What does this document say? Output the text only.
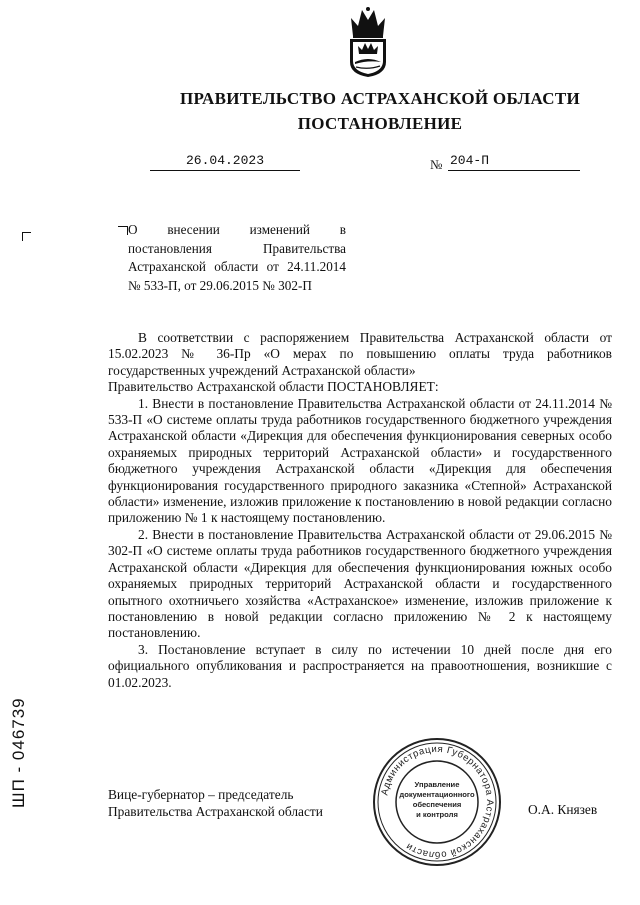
ПРАВИТЕЛЬСТВО АСТРАХАНСКОЙ ОБЛАСТИ
ПОСТАНОВЛЕНИЕ
26.04.2023	№ 204-П
О внесении изменений в постановления Правительства Астраханской области от 24.11.2014 № 533-П, от 29.06.2015 № 302-П

В соответствии с распоряжением Правительства Астраханской области от 15.02.2023 № 36-Пр «О мерах по повышению оплаты труда работников государственных учреждений Астраханской области»

Правительство Астраханской области ПОСТАНОВЛЯЕТ:

1. Внести в постановление Правительства Астраханской области от 24.11.2014 № 533-П «О системе оплаты труда работников государственного бюджетного учреждения Астраханской области «Дирекция для обеспечения функционирования северных особо охраняемых природных территорий Астраханской области» и государственного бюджетного учреждения Астраханской области «Дирекция для обеспечения функционирования государственного природного заказника «Степной» Астраханской области» изменение, изложив приложение к постановлению в новой редакции согласно приложению № 1 к настоящему постановлению.

2. Внести в постановление Правительства Астраханской области от 29.06.2015 № 302-П «О системе оплаты труда работников государственного бюджетного учреждения Астраханской области «Дирекция для обеспечения функционирования южных особо охраняемых природных территорий Астраханской области и государственного опытного охотничьего хозяйства «Астраханское» изменение, изложив приложение к постановлению в новой редакции согласно приложению № 2 к настоящему постановлению.

3. Постановление вступает в силу по истечении 10 дней после дня его официального опубликования и распространяется на правоотношения, возникшие с 01.02.2023.

Вице-губернатор – председатель
Правительства Астраханской области	О.А. Князев
Администрация Губернатора Астраханской области
Управление
документационного
обеспечения
и контроля
ШП - 046739
